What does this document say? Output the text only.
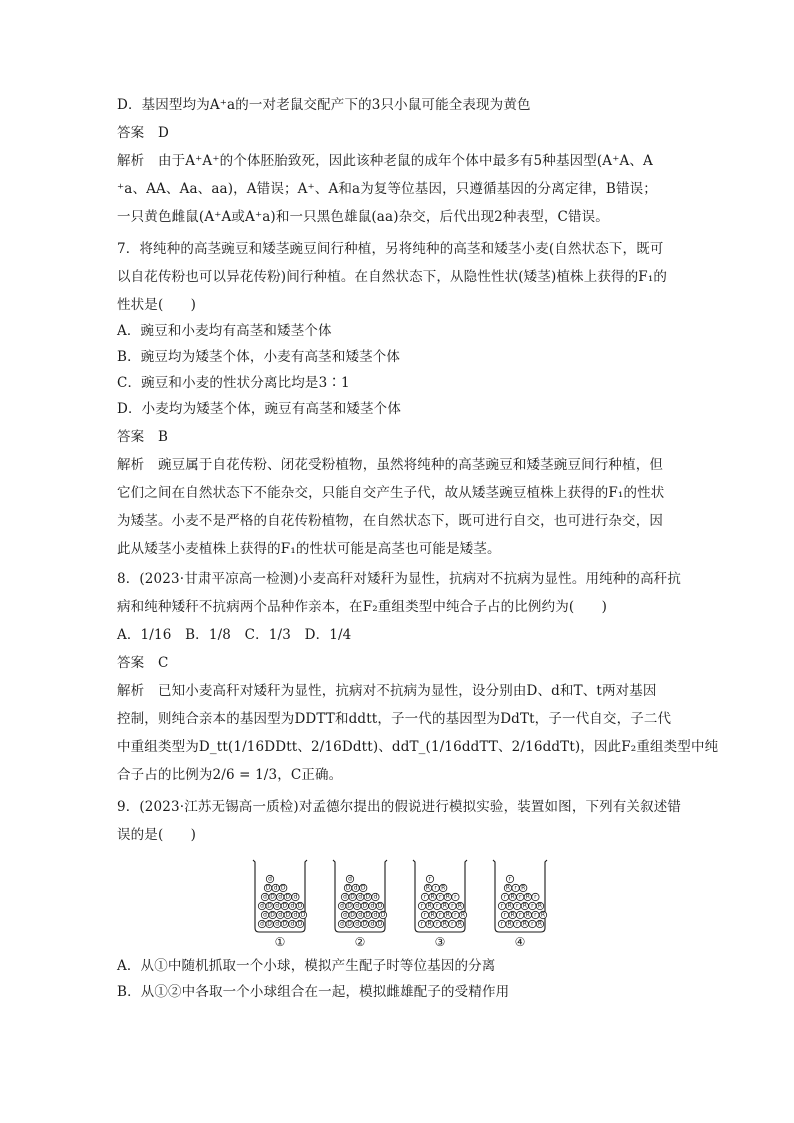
D．基因型均为A⁺a的一对老鼠交配产下的3只小鼠可能全表现为黄色
答案　D
解析　由于A⁺A⁺的个体胚胎致死，因此该种老鼠的成年个体中最多有5种基因型(A⁺A、A
⁺a、AA、Aa、aa)，A错误；A⁺、A和a为复等位基因，只遵循基因的分离定律，B错误；
一只黄色雌鼠(A⁺A或A⁺a)和一只黑色雄鼠(aa)杂交，后代出现2种表型，C错误。
7．将纯种的高茎豌豆和矮茎豌豆间行种植，另将纯种的高茎和矮茎小麦(自然状态下，既可
以自花传粉也可以异花传粉)间行种植。在自然状态下，从隐性性状(矮茎)植株上获得的F₁的
性状是(　　)
A．豌豆和小麦均有高茎和矮茎个体
B．豌豆均为矮茎个体，小麦有高茎和矮茎个体
C．豌豆和小麦的性状分离比均是3∶1
D．小麦均为矮茎个体，豌豆有高茎和矮茎个体
答案　B
解析　豌豆属于自花传粉、闭花受粉植物，虽然将纯种的高茎豌豆和矮茎豌豆间行种植，但
它们之间在自然状态下不能杂交，只能自交产生子代，故从矮茎豌豆植株上获得的F₁的性状
为矮茎。小麦不是严格的自花传粉植物，在自然状态下，既可进行自交，也可进行杂交，因
此从矮茎小麦植株上获得的F₁的性状可能是高茎也可能是矮茎。
8．(2023·甘肃平凉高一检测)小麦高秆对矮秆为显性，抗病对不抗病为显性。用纯种的高秆抗
病和纯种矮秆不抗病两个品种作亲本，在F₂重组类型中纯合子占的比例约为(　　)
A．1/16　B．1/8　C．1/3　D．1/4
答案　C
解析　已知小麦高秆对矮秆为显性，抗病对不抗病为显性，设分别由D、d和T、t两对基因
控制，则纯合亲本的基因型为DDTT和ddtt，子一代的基因型为DdTt，子一代自交，子二代
中重组类型为D_tt(1/16DDtt、2/16Ddtt)、ddT_(1/16ddTT、2/16ddTt)，因此F₂重组类型中纯
合子占的比例为2/6 = 1/3，C正确。
9．(2023·江苏无锡高一质检)对孟德尔提出的假说进行模拟实验，装置如图，下列有关叙述错
误的是(　　)
A．从①中随机抓取一个小球，模拟产生配子时等位基因的分离
B．从①②中各取一个小球组合在一起，模拟雌雄配子的受精作用
d D d D d D
d D d D d D
d D d D d D
d D d D d
D d D
d
①
d D d D d D
d D d D d D
d D d D d D
d D d D d
D d D
d
②
r R r R r R
r R r R r R
r R r R r R
r R r R r
R r R
r
③
r R r R r R
r R r R r R
r R r R r R
r R r R r
R r R
r
④
